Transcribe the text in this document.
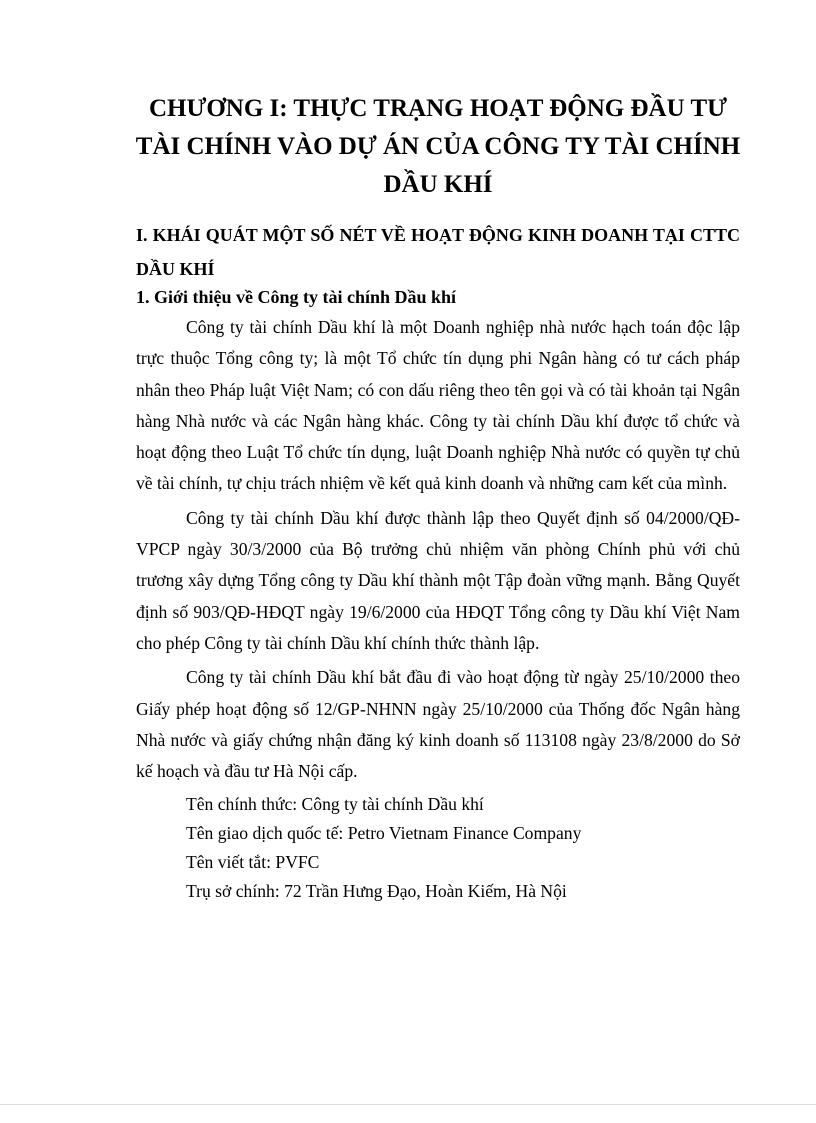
CHƯƠNG I: THỰC TRẠNG HOẠT ĐỘNG ĐẦU TƯ
TÀI CHÍNH VÀO DỰ ÁN CỦA CÔNG TY TÀI CHÍNH
DẦU KHÍ
I. KHÁI QUÁT MỘT SỐ NÉT VỀ HOẠT ĐỘNG KINH DOANH TẠI CTTC DẦU KHÍ
1. Giới thiệu về Công ty tài chính Dầu khí

Công ty tài chính Dầu khí là một Doanh nghiệp nhà nước hạch toán độc lập trực thuộc Tổng công ty; là một Tổ chức tín dụng phi Ngân hàng có tư cách pháp nhân theo Pháp luật Việt Nam; có con dấu riêng theo tên gọi và có tài khoản tại Ngân hàng Nhà nước và các Ngân hàng khác. Công ty tài chính Dầu khí được tổ chức và hoạt động theo Luật Tổ chức tín dụng, luật Doanh nghiệp Nhà nước có quyền tự chủ về tài chính, tự chịu trách nhiệm về kết quả kinh doanh và những cam kết của mình.

Công ty tài chính Dầu khí được thành lập theo Quyết định số 04/2000/QĐ-VPCP ngày 30/3/2000 của Bộ trưởng chủ nhiệm văn phòng Chính phủ với chủ trương xây dựng Tổng công ty Dầu khí thành một Tập đoàn vững mạnh. Bằng Quyết định số 903/QĐ-HĐQT ngày 19/6/2000 của HĐQT Tổng công ty Dầu khí Việt Nam cho phép Công ty tài chính Dầu khí chính thức thành lập.

Công ty tài chính Dầu khí bắt đầu đi vào hoạt động từ ngày 25/10/2000 theo Giấy phép hoạt động số 12/GP-NHNN ngày 25/10/2000 của Thống đốc Ngân hàng Nhà nước và giấy chứng nhận đăng ký kinh doanh số 113108 ngày 23/8/2000 do Sở kế hoạch và đầu tư Hà Nội cấp.

Tên chính thức: Công ty tài chính Dầu khí
Tên giao dịch quốc tế: Petro Vietnam Finance Company
Tên viết tắt: PVFC
Trụ sở chính: 72 Trần Hưng Đạo, Hoàn Kiếm, Hà Nội
